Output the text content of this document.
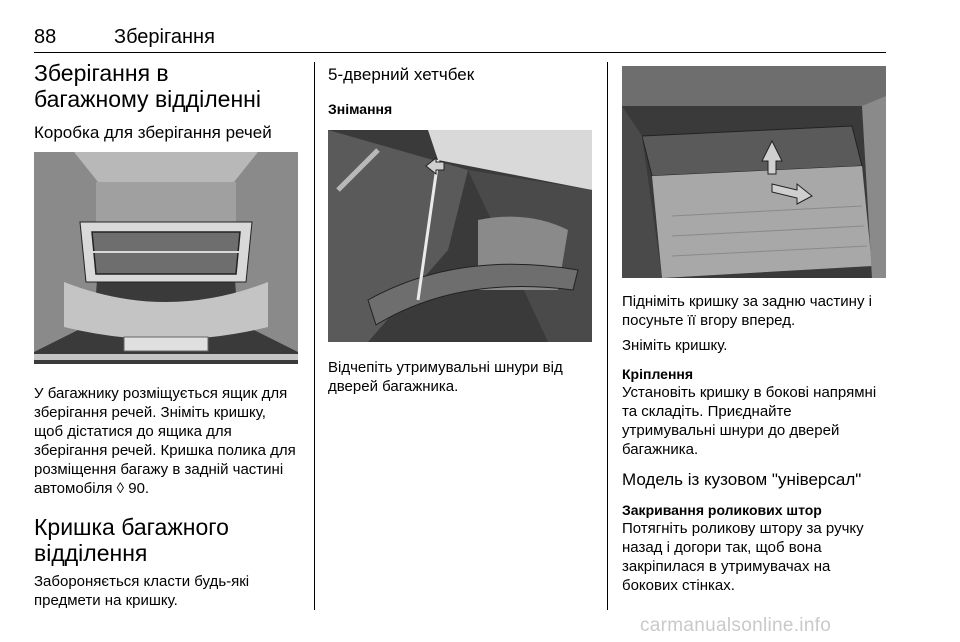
88	Зберігання
Зберігання в багажному відділенні
Коробка для зберігання речей

У багажнику розміщується ящик для зберігання речей. Зніміть кришку, щоб дістатися до ящика для зберігання речей. Кришка полика для розміщення багажу в задній частині автомобіля ◊ 90.

Кришка багажного відділення

Забороняється класти будь-які предмети на кришку.

5-дверний хетчбек
Знімання

Відчепіть утримувальні шнури від дверей багажника.

Підніміть кришку за задню частину і посуньте її вгору вперед.

Зніміть кришку.

Кріплення

Установіть кришку в бокові напрямні та складіть. Приєднайте утримувальні шнури до дверей багажника.

Модель із кузовом "універсал"
Закривання роликових штор

Потягніть роликову штору за ручку назад і догори так, щоб вона закріпилася в утримувачах на бокових стінках.

carmanualsonline.info
